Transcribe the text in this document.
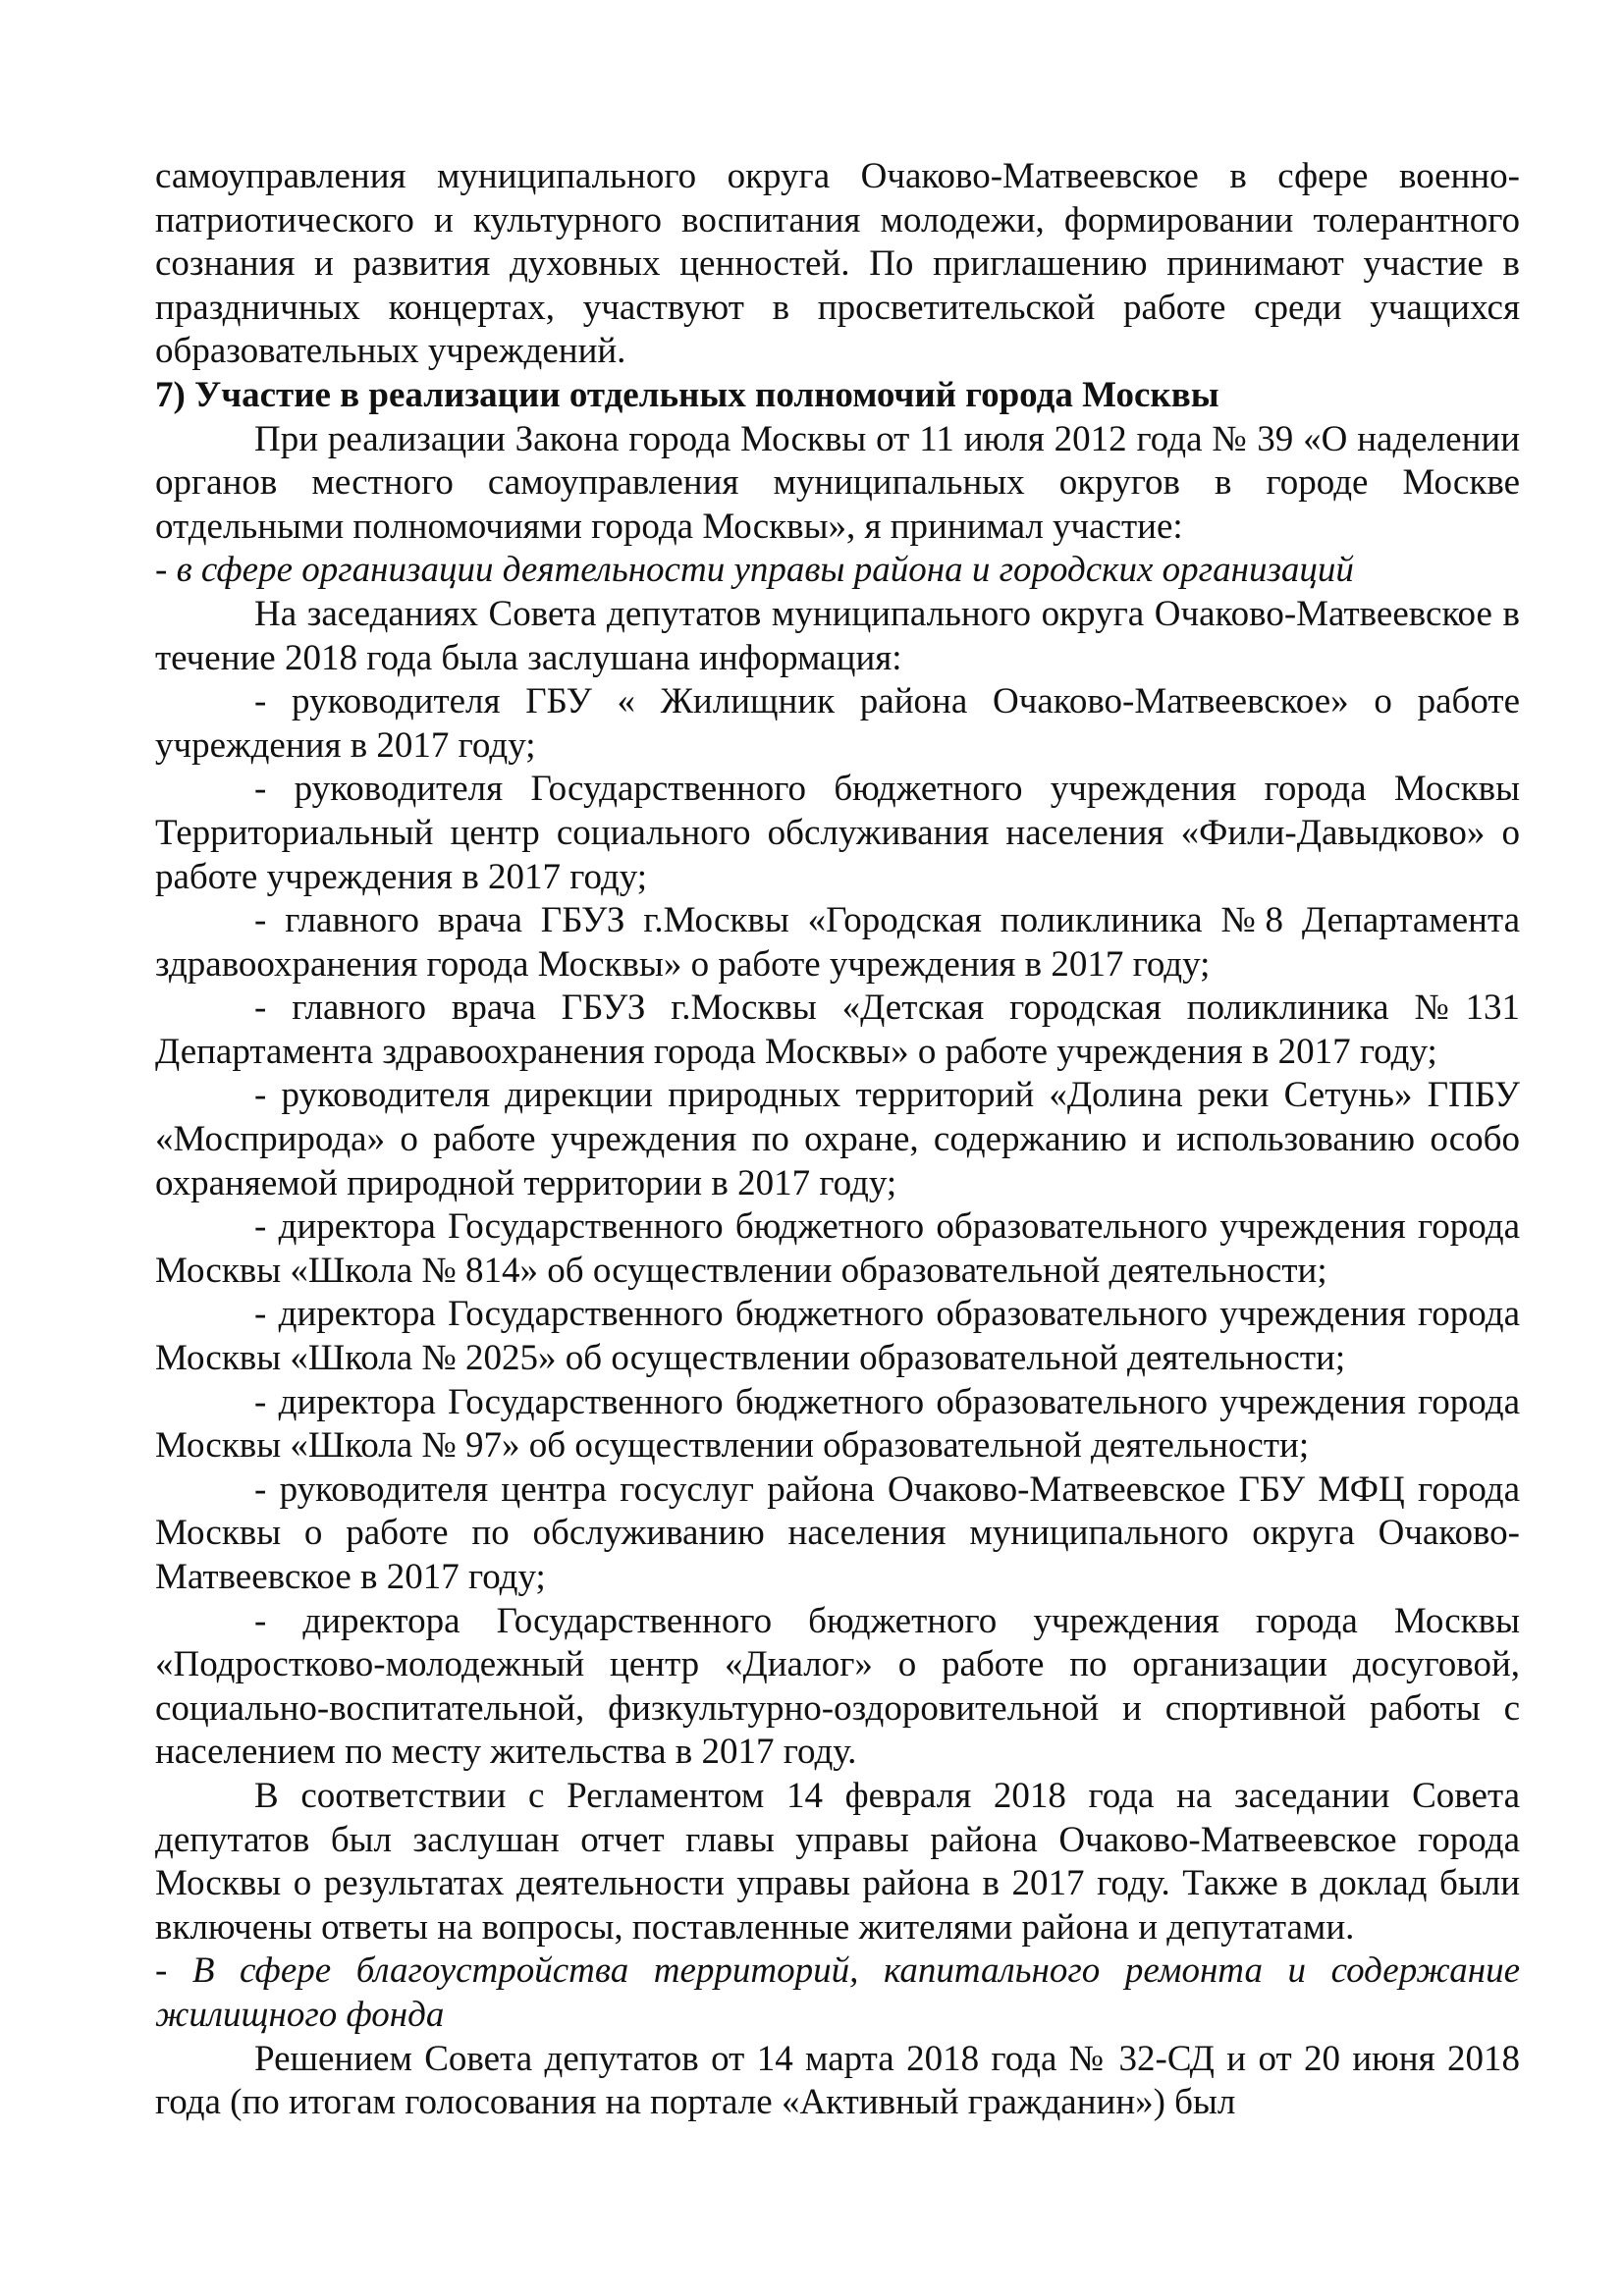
самоуправления муниципального округа Очаково-Матвеевское в сфере военно-патриотического и культурного воспитания молодежи, формировании толерантного сознания и развития духовных ценностей. По приглашению принимают участие в праздничных концертах, участвуют в просветительской работе среди учащихся образовательных учреждений.

7) Участие в реализации отдельных полномочий города Москвы

При реализации Закона города Москвы от 11 июля 2012 года № 39 «О наделении органов местного самоуправления муниципальных округов в городе Москве отдельными полномочиями города Москвы», я принимал участие:

- в сфере организации деятельности управы района и городских организаций

На заседаниях Совета депутатов муниципального округа Очаково-Матвеевское в течение 2018 года была заслушана информация:

- руководителя ГБУ « Жилищник района Очаково-Матвеевское» о работе учреждения в 2017 году;

- руководителя Государственного бюджетного учреждения города Москвы Территориальный центр социального обслуживания населения «Фили-Давыдково» о работе учреждения в 2017 году;

- главного врача ГБУЗ г.Москвы «Городская поликлиника №8 Департамента здравоохранения города Москвы» о работе учреждения в 2017 году;

- главного врача ГБУЗ г.Москвы «Детская городская поликлиника №131 Департамента здравоохранения города Москвы» о работе учреждения в 2017 году;

- руководителя дирекции природных территорий «Долина реки Сетунь» ГПБУ «Мосприрода» о работе учреждения по охране, содержанию и использованию особо охраняемой природной территории в 2017 году;

- директора Государственного бюджетного образовательного учреждения города Москвы «Школа № 814» об осуществлении образовательной деятельности;

- директора Государственного бюджетного образовательного учреждения города Москвы «Школа № 2025» об осуществлении образовательной деятельности;

- директора Государственного бюджетного образовательного учреждения города Москвы «Школа № 97» об осуществлении образовательной деятельности;

- руководителя центра госуслуг района Очаково-Матвеевское ГБУ МФЦ города Москвы о работе по обслуживанию населения муниципального округа Очаково-Матвеевское в 2017 году;

- директора Государственного бюджетного учреждения города Москвы «Подростково-молодежный центр «Диалог» о работе по организации досуговой, социально-воспитательной, физкультурно-оздоровительной и спортивной работы с населением по месту жительства в 2017 году.

В соответствии с Регламентом 14 февраля 2018 года на заседании Совета депутатов был заслушан отчет главы управы района Очаково-Матвеевское города Москвы о результатах деятельности управы района в 2017 году. Также в доклад были включены ответы на вопросы, поставленные жителями района и депутатами.

- В сфере благоустройства территорий, капитального ремонта и содержание жилищного фонда

Решением Совета депутатов от 14 марта 2018 года № 32-СД и от 20 июня 2018 года (по итогам голосования на портале «Активный гражданин») был
